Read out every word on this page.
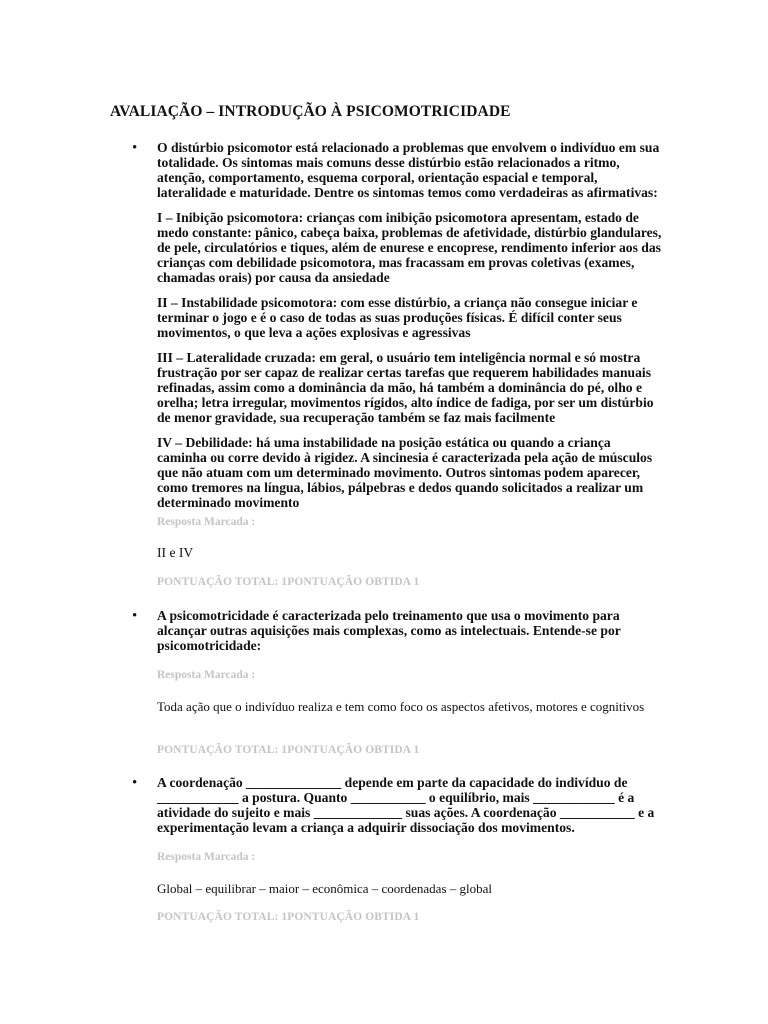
AVALIAÇÃO – INTRODUÇÃO À PSICOMOTRICIDADE
• O distúrbio psicomotor está relacionado a problemas que envolvem o indivíduo em sua totalidade. Os sintomas mais comuns desse distúrbio estão relacionados a ritmo, atenção, comportamento, esquema corporal, orientação espacial e temporal, lateralidade e maturidade. Dentre os sintomas temos como verdadeiras as afirmativas:

I – Inibição psicomotora: crianças com inibição psicomotora apresentam, estado de medo constante: pânico, cabeça baixa, problemas de afetividade, distúrbio glandulares, de pele, circulatórios e tiques, além de enurese e encoprese, rendimento inferior aos das crianças com debilidade psicomotora, mas fracassam em provas coletivas (exames, chamadas orais) por causa da ansiedade

II – Instabilidade psicomotora: com esse distúrbio, a criança não consegue iniciar e terminar o jogo e é o caso de todas as suas produções físicas. É difícil conter seus movimentos, o que leva a ações explosivas e agressivas

III – Lateralidade cruzada: em geral, o usuário tem inteligência normal e só mostra frustração por ser capaz de realizar certas tarefas que requerem habilidades manuais refinadas, assim como a dominância da mão, há também a dominância do pé, olho e orelha; letra irregular, movimentos rígidos, alto índice de fadiga, por ser um distúrbio de menor gravidade, sua recuperação também se faz mais facilmente

IV – Debilidade: há uma instabilidade na posição estática ou quando a criança caminha ou corre devido à rigidez. A sincinesia é caracterizada pela ação de músculos que não atuam com um determinado movimento. Outros sintomas podem aparecer, como tremores na língua, lábios, pálpebras e dedos quando solicitados a realizar um determinado movimento

Resposta Marcada :

II e IV

PONTUAÇÃO TOTAL: 1PONTUAÇÃO OBTIDA 1

• A psicomotricidade é caracterizada pelo treinamento que usa o movimento para alcançar outras aquisições mais complexas, como as intelectuais. Entende-se por psicomotricidade:

Resposta Marcada :

Toda ação que o indivíduo realiza e tem como foco os aspectos afetivos, motores e cognitivos

PONTUAÇÃO TOTAL: 1PONTUAÇÃO OBTIDA 1

• A coordenação ______________ depende em parte da capacidade do indivíduo de ____________ a postura. Quanto ___________ o equilíbrio, mais ____________ é a atividade do sujeito e mais _____________ suas ações. A coordenação ___________ e a experimentação levam a criança a adquirir dissociação dos movimentos.

Resposta Marcada :

Global – equilibrar – maior – econômica – coordenadas – global

PONTUAÇÃO TOTAL: 1PONTUAÇÃO OBTIDA 1
